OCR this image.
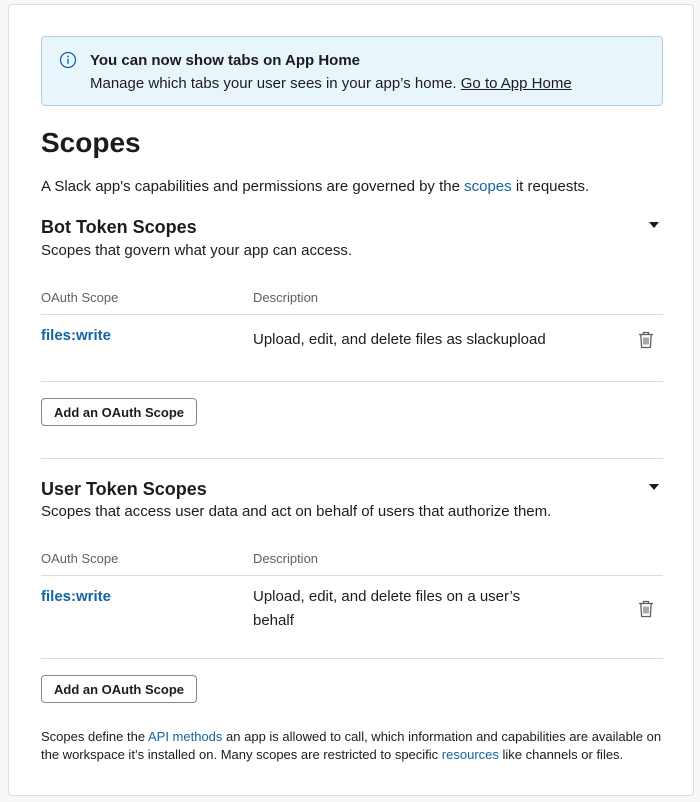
You can now show tabs on App Home
Manage which tabs your user sees in your app’s home. Go to App Home
Scopes
A Slack app's capabilities and permissions are governed by the scopes it requests.
Bot Token Scopes
Scopes that govern what your app can access.
OAuth Scope	Description
files:write	Upload, edit, and delete files as slackupload
Add an OAuth Scope
User Token Scopes
Scopes that access user data and act on behalf of users that authorize them.
OAuth Scope	Description
files:write	Upload, edit, and delete files on a user’s
behalf
Add an OAuth Scope
Scopes define the API methods an app is allowed to call, which information and capabilities are available on the workspace it’s installed on. Many scopes are restricted to specific resources like channels or files.
